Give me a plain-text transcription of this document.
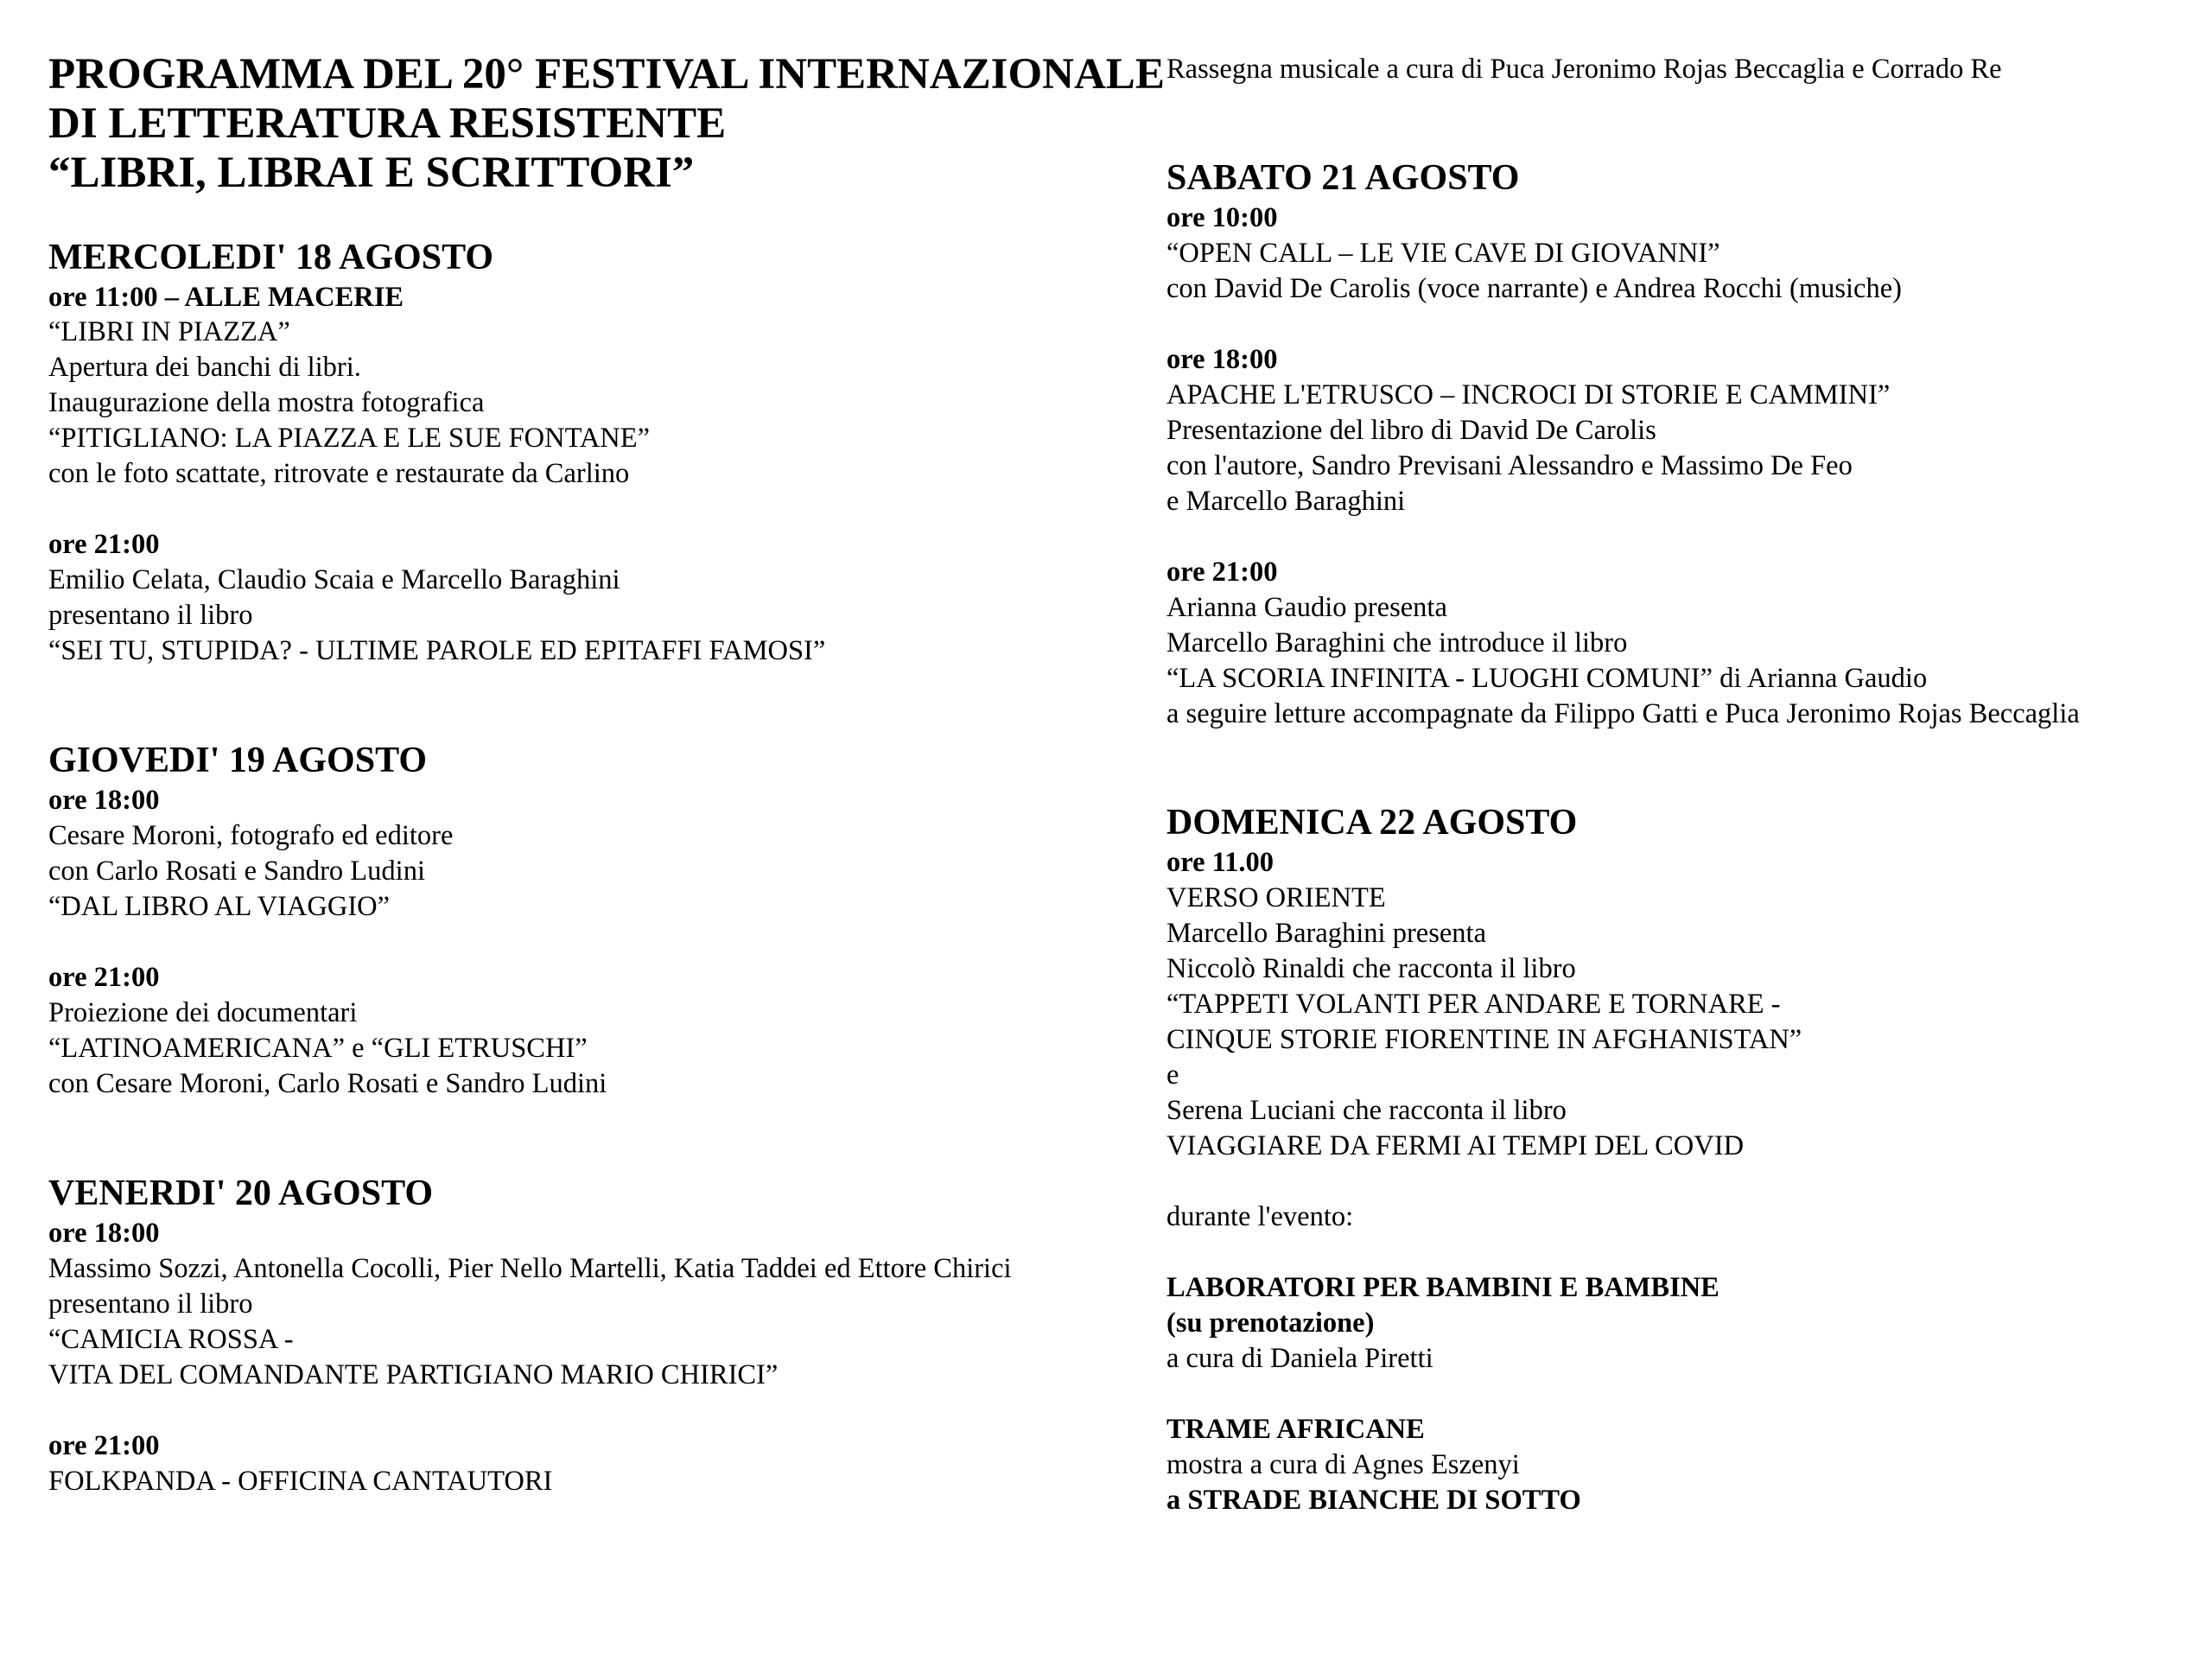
PROGRAMMA DEL 20° FESTIVAL INTERNAZIONALE
DI LETTERATURA RESISTENTE
“LIBRI, LIBRAI E SCRITTORI”
MERCOLEDI' 18 AGOSTO
ore 11:00 – ALLE MACERIE
“LIBRI IN PIAZZA”
Apertura dei banchi di libri.
Inaugurazione della mostra fotografica
“PITIGLIANO: LA PIAZZA E LE SUE FONTANE”
con le foto scattate, ritrovate e restaurate da Carlino
ore 21:00
Emilio Celata, Claudio Scaia e Marcello Baraghini
presentano il libro
“SEI TU, STUPIDA? - ULTIME PAROLE ED EPITAFFI FAMOSI”
GIOVEDI' 19 AGOSTO
ore 18:00
Cesare Moroni, fotografo ed editore
con Carlo Rosati e Sandro Ludini
“DAL LIBRO AL VIAGGIO”
ore 21:00
Proiezione dei documentari
“LATINOAMERICANA” e “GLI ETRUSCHI”
con Cesare Moroni, Carlo Rosati e Sandro Ludini
VENERDI' 20 AGOSTO
ore 18:00
Massimo Sozzi, Antonella Cocolli, Pier Nello Martelli, Katia Taddei ed Ettore Chirici
presentano il libro
“CAMICIA ROSSA -
VITA DEL COMANDANTE PARTIGIANO MARIO CHIRICI”
ore 21:00
FOLKPANDA - OFFICINA CANTAUTORI
Rassegna musicale a cura di Puca Jeronimo Rojas Beccaglia e Corrado Re
SABATO 21 AGOSTO
ore 10:00
“OPEN CALL – LE VIE CAVE DI GIOVANNI”
con David De Carolis (voce narrante) e Andrea Rocchi (musiche)
ore 18:00
APACHE L'ETRUSCO – INCROCI DI STORIE E CAMMINI”
Presentazione del libro di David De Carolis
con l'autore, Sandro Previsani Alessandro e Massimo De Feo
e Marcello Baraghini
ore 21:00
Arianna Gaudio presenta
Marcello Baraghini che introduce il libro
“LA SCORIA INFINITA - LUOGHI COMUNI” di Arianna Gaudio
a seguire letture accompagnate da Filippo Gatti e Puca Jeronimo Rojas Beccaglia
DOMENICA 22 AGOSTO
ore 11.00
VERSO ORIENTE
Marcello Baraghini presenta
Niccolò Rinaldi che racconta il libro
“TAPPETI VOLANTI PER ANDARE E TORNARE -
CINQUE STORIE FIORENTINE IN AFGHANISTAN”
e
Serena Luciani che racconta il libro
VIAGGIARE DA FERMI AI TEMPI DEL COVID
durante l'evento:
LABORATORI PER BAMBINI E BAMBINE
(su prenotazione)
a cura di Daniela Piretti
TRAME AFRICANE
mostra a cura di Agnes Eszenyi
a STRADE BIANCHE DI SOTTO
